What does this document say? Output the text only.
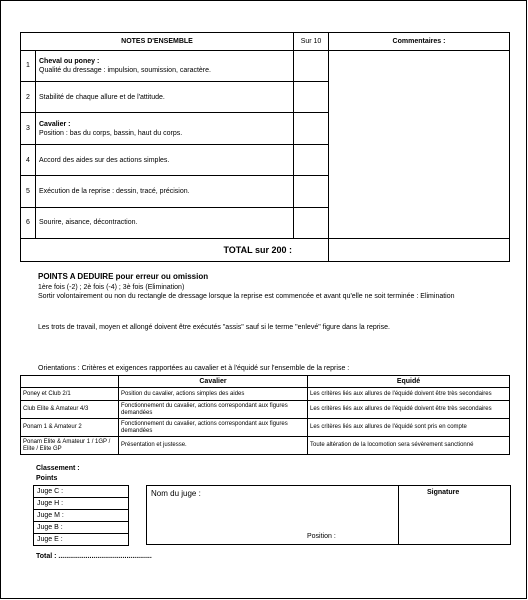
NOTES D'ENSEMBLE		Sur 10	Commentaires :
1	Cheval ou poney :
Qualité du dressage : impulsion, soumission, caractère.		

2	Stabilité de chaque allure et de l'attitude.		
3	Cavalier :
Position : bas du corps, bassin, haut du corps.		

4	Accord des aides sur des actions simples.		
5	Exécution de la reprise : dessin, tracé, précision.		
6	Sourire, aisance, décontraction.		
TOTAL sur 200 :			
POINTS A DEDUIRE pour erreur ou omission
1ère fois (-2) ; 2è fois (-4) ; 3è fois (Elimination)
Sortir volontairement ou non du rectangle de dressage lorsque la reprise est commencée et avant qu'elle ne soit terminée : Elimination
Les trots de travail, moyen et allongé doivent être exécutés "assis" sauf si le terme "enlevé" figure dans la reprise.
Orientations : Critères et exigences rapportées au cavalier et à l'équidé sur l'ensemble de la reprise :
	Cavalier	Equidé
Poney et Club 2/1	Position du cavalier, actions simples des aides	Les critères liés aux allures de l'équidé doivent être très secondaires
Club Elite & Amateur 4/3	Fonctionnement du cavalier, actions correspondant aux figures demandées	Les critères liés aux allures de l'équidé doivent être très secondaires
Ponam 1 & Amateur 2	Fonctionnement du cavalier, actions correspondant aux figures demandées	Les critères liés aux allures de l'équidé sont pris en compte
Ponam Elite & Amateur 1 / 1GP / Elite / Elite GP	Présentation et justesse.	Toute altération de la locomotion sera sévèrement sanctionné
Classement :
Points
Juge C :
Juge H :
Juge M :
Juge B :
Juge E :
Nom du juge :	Signature
Position :
Total : ................................................
